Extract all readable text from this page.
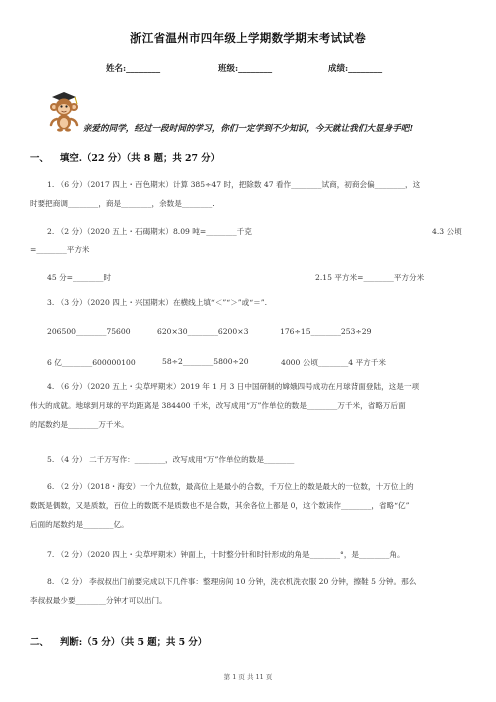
浙江省温州市四年级上学期数学期末考试试卷
姓名:________	班级:________	成绩:________
亲爱的同学，经过一段时间的学习，你们一定学到不少知识，今天就让我们大显身手吧!
一、 填空.（22 分）（共 8 题；共 27 分）
1. （6 分）（2017 四上・百色期末）计算 385÷47 时，把除数 47 看作________试商，初商会偏________，这
时要把商调________，商是________，余数是________.
2. （2 分）（2020 五上・石碣期末）8.09 吨=________千克	4.3 公顷
=________平方米
45 分=________时	2.15 平方米=________平方分米
3. （3 分）（2020 四上・兴国期末）在横线上填“＜”“＞”或“＝”.
206500________75600	620×30________6200×3	176÷15________253÷29
6 亿________600000100	58÷2________5800÷20	4000 公顷________4 平方千米
4. （6 分）（2020 五上・尖草坪期末）2019 年 1 月 3 日中国研制的嫦娥四号成功在月球背面登陆，这是一项
伟大的成就。地球到月球的平均距离是 384400 千米，改写成用“万”作单位的数是________万千米，省略万后面
的尾数约是________万千米。
5. （4 分） 二千万写作：________，改写成用“万”作单位的数是________
6. （2 分）（2018・海安）一个九位数，最高位上是最小的合数，千万位上的数是最大的一位数，十万位上的
数既是偶数，又是质数，百位上的数既不是质数也不是合数，其余各位上都是 0，这个数读作________，省略“亿”
后面的尾数约是________亿。
7. （2 分）（2020 四上・尖草坪期末）钟面上，十时整分针和时针形成的角是________°，是________角。
8. （2 分） 李叔叔出门前要完成以下几件事：整理房间 10 分钟，洗衣机洗衣服 20 分钟，擦鞋 5 分钟。那么
李叔叔最少要________分钟才可以出门。
二、 判断:（5 分）（共 5 题；共 5 分）
第 1 页 共 11 页
